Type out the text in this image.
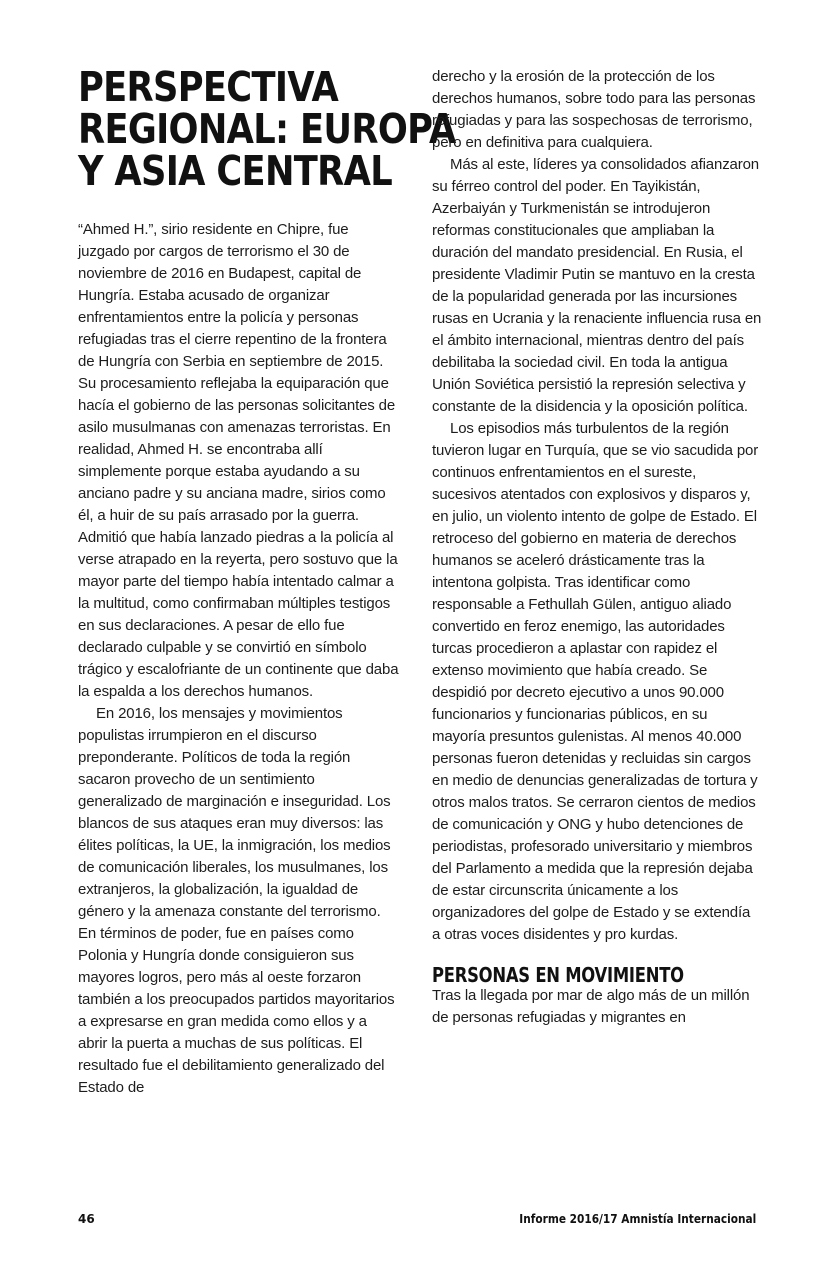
PERSPECTIVA
REGIONAL: EUROPA
Y ASIA CENTRAL

“Ahmed H.”, sirio residente en Chipre, fue juzgado por cargos de terrorismo el 30 de noviembre de 2016 en Budapest, capital de Hungría. Estaba acusado de organizar enfrentamientos entre la policía y personas refugiadas tras el cierre repentino de la frontera de Hungría con Serbia en septiembre de 2015. Su procesamiento reflejaba la equiparación que hacía el gobierno de las personas solicitantes de asilo musulmanas con amenazas terroristas. En realidad, Ahmed H. se encontraba allí simplemente porque estaba ayudando a su anciano padre y su anciana madre, sirios como él, a huir de su país arrasado por la guerra. Admitió que había lanzado piedras a la policía al verse atrapado en la reyerta, pero sostuvo que la mayor parte del tiempo había intentado calmar a la multitud, como confirmaban múltiples testigos en sus declaraciones. A pesar de ello fue declarado culpable y se convirtió en símbolo trágico y escalofriante de un continente que daba la espalda a los derechos humanos.

En 2016, los mensajes y movimientos populistas irrumpieron en el discurso preponderante. Políticos de toda la región sacaron provecho de un sentimiento generalizado de marginación e inseguridad. Los blancos de sus ataques eran muy diversos: las élites políticas, la UE, la inmigración, los medios de comunicación liberales, los musulmanes, los extranjeros, la globalización, la igualdad de género y la amenaza constante del terrorismo. En términos de poder, fue en países como Polonia y Hungría donde consiguieron sus mayores logros, pero más al oeste forzaron también a los preocupados partidos mayoritarios a expresarse en gran medida como ellos y a abrir la puerta a muchas de sus políticas. El resultado fue el debilitamiento generalizado del Estado de

derecho y la erosión de la protección de los derechos humanos, sobre todo para las personas refugiadas y para las sospechosas de terrorismo, pero en definitiva para cualquiera.

Más al este, líderes ya consolidados afianzaron su férreo control del poder. En Tayikistán, Azerbaiyán y Turkmenistán se introdujeron reformas constitucionales que ampliaban la duración del mandato presidencial. En Rusia, el presidente Vladimir Putin se mantuvo en la cresta de la popularidad generada por las incursiones rusas en Ucrania y la renaciente influencia rusa en el ámbito internacional, mientras dentro del país debilitaba la sociedad civil. En toda la antigua Unión Soviética persistió la represión selectiva y constante de la disidencia y la oposición política.

Los episodios más turbulentos de la región tuvieron lugar en Turquía, que se vio sacudida por continuos enfrentamientos en el sureste, sucesivos atentados con explosivos y disparos y, en julio, un violento intento de golpe de Estado. El retroceso del gobierno en materia de derechos humanos se aceleró drásticamente tras la intentona golpista. Tras identificar como responsable a Fethullah Gülen, antiguo aliado convertido en feroz enemigo, las autoridades turcas procedieron a aplastar con rapidez el extenso movimiento que había creado. Se despidió por decreto ejecutivo a unos 90.000 funcionarios y funcionarias públicos, en su mayoría presuntos gulenistas. Al menos 40.000 personas fueron detenidas y recluidas sin cargos en medio de denuncias generalizadas de tortura y otros malos tratos. Se cerraron cientos de medios de comunicación y ONG y hubo detenciones de periodistas, profesorado universitario y miembros del Parlamento a medida que la represión dejaba de estar circunscrita únicamente a los organizadores del golpe de Estado y se extendía a otras voces disidentes y pro kurdas.

PERSONAS EN MOVIMIENTO

Tras la llegada por mar de algo más de un millón de personas refugiadas y migrantes en

46	Informe 2016/17 Amnistía Internacional
